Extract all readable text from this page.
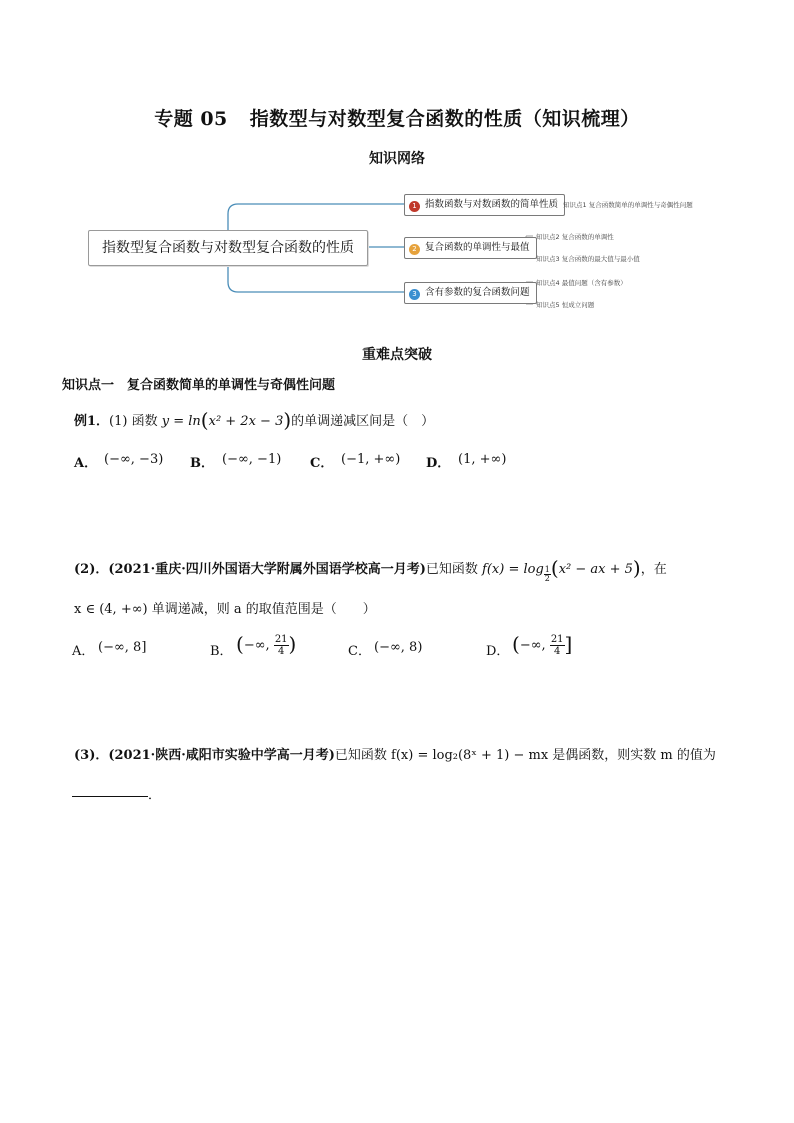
专题 05 指数型与对数型复合函数的性质（知识梳理）
知识网络
指数型复合函数与对数型复合函数的性质
1 指数函数与对数函数的简单性质
2 复合函数的单调性与最值
3 含有参数的复合函数问题
知识点1 复合函数简单的单调性与奇偶性问题
知识点2 复合函数的单调性
知识点3 复合函数的最大值与最小值
知识点4 最值问题（含有参数）
知识点5 恒成立问题
重难点突破
知识点一　复合函数简单的单调性与奇偶性问题
例1．(1) 函数 y = ln(x² + 2x − 3)的单调递减区间是（　）
A． (−∞, −3) B． (−∞, −1) C． (−1, +∞) D． (1, +∞)
(2)．(2021·重庆·四川外国语大学附属外国语学校高一月考)已知函数 f(x) = log $_{\frac{1}{2}}$ (x² − ax + 5)，在
x ∈ (4, +∞) 单调递减，则 a 的取值范围是（　　）
A． (−∞, 8]	B． (−∞, $\frac{21}{4}$ )	C． (−∞, 8)	D． (−∞, $\frac{21}{4}$ ]
(3)．(2021·陕西·咸阳市实验中学高一月考)已知函数 f(x) = log₂(8ˣ + 1) − mx 是偶函数，则实数 m 的值为
．
